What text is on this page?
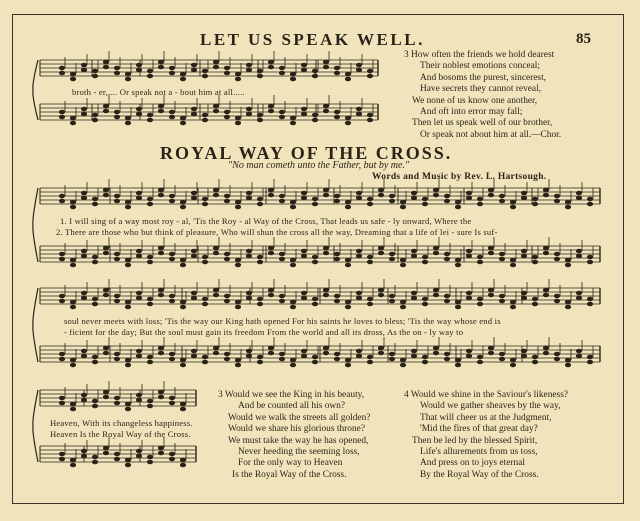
LET US SPEAK WELL.	85
broth - er,.... Or speak not a - bout him at all.....
3 How often the friends we hold dearest
Their noblest emotions conceal;
And bosoms the purest, sincerest,
Have secrets they cannot reveal,
We none of us know one another,
And oft into error may fall;
Then let us speak well of our brother,
Or speak not about him at all.—Chor.
ROYAL WAY OF THE CROSS.
"No man cometh unto the Father, but by me."
Words and Music by Rev. L. Hartsough.
1. I will sing of a way most roy - al, 'Tis the Roy - al Way of the Cross, That leads us safe - ly onward, Where the
2. There are those who but think of pleasure, Who will shun the cross all the way, Dreaming that a life of lei - sure Is suf-
soul never meets with loss; 'Tis the way our King hath opened For his saints he loves to bless; 'Tis the way whose end is
- ficient for the day; But the soul must gain its freedom From the world and all its dross, As the on - ly way to
Heaven, With its changeless happiness.
Heaven Is the Royal Way of the Cross.
3 Would we see the King in his beauty,
And be counted all his own?
Would we walk the streets all golden?
Would we share his glorious throne?
We must take the way he has opened,
Never heeding the seeming loss,
For the only way to Heaven
Is the Royal Way of the Cross.
4 Would we shine in the Saviour's likeness?
Would we gather sheaves by the way,
That will cheer us at the Judgment,
'Mid the fires of that great day?
Then be led by the blessed Spirit,
Life's allurements from us toss,
And press on to joys eternal
By the Royal Way of the Cross.
